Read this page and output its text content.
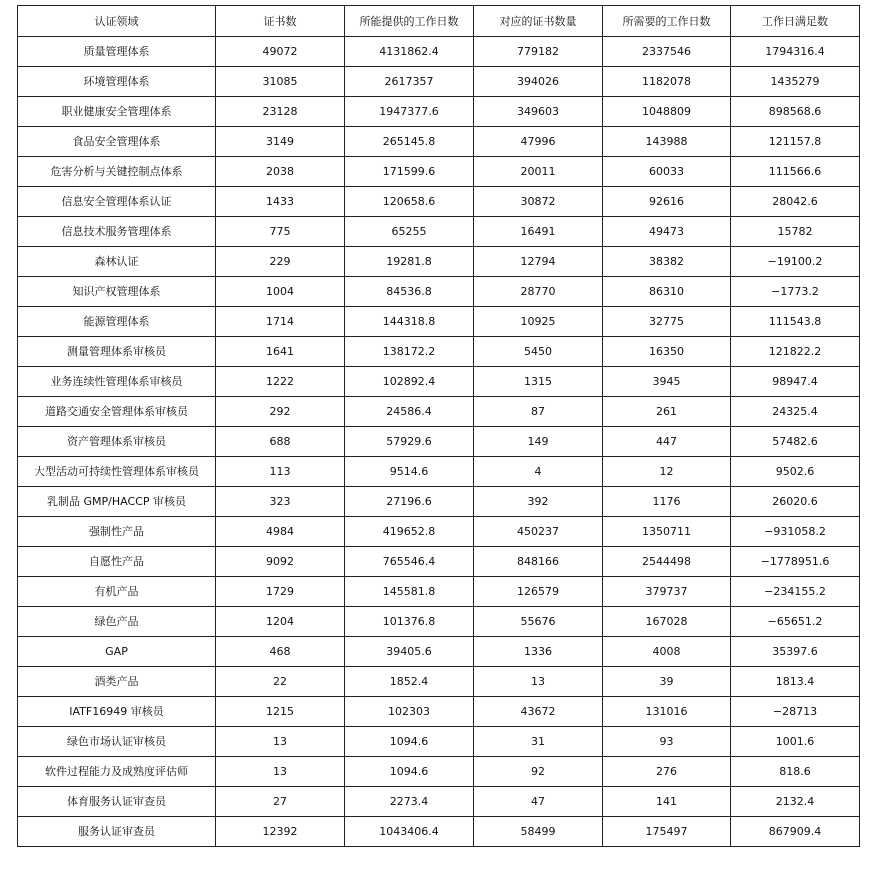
认证领域	证书数	所能提供的工作日数	对应的证书数量	所需要的工作日数	工作日满足数
质量管理体系	49072	4131862.4	779182	2337546	1794316.4
环境管理体系	31085	2617357	394026	1182078	1435279
职业健康安全管理体系	23128	1947377.6	349603	1048809	898568.6
食品安全管理体系	3149	265145.8	47996	143988	121157.8
危害分析与关键控制点体系	2038	171599.6	20011	60033	111566.6
信息安全管理体系认证	1433	120658.6	30872	92616	28042.6
信息技术服务管理体系	775	65255	16491	49473	15782
森林认证	229	19281.8	12794	38382	−19100.2
知识产权管理体系	1004	84536.8	28770	86310	−1773.2
能源管理体系	1714	144318.8	10925	32775	111543.8
测量管理体系审核员	1641	138172.2	5450	16350	121822.2
业务连续性管理体系审核员	1222	102892.4	1315	3945	98947.4
道路交通安全管理体系审核员	292	24586.4	87	261	24325.4
资产管理体系审核员	688	57929.6	149	447	57482.6
大型活动可持续性管理体系审核员	113	9514.6	4	12	9502.6
乳制品 GMP/HACCP 审核员	323	27196.6	392	1176	26020.6
强制性产品	4984	419652.8	450237	1350711	−931058.2
自愿性产品	9092	765546.4	848166	2544498	−1778951.6
有机产品	1729	145581.8	126579	379737	−234155.2
绿色产品	1204	101376.8	55676	167028	−65651.2
GAP	468	39405.6	1336	4008	35397.6
酒类产品	22	1852.4	13	39	1813.4
IATF16949 审核员	1215	102303	43672	131016	−28713
绿色市场认证审核员	13	1094.6	31	93	1001.6
软件过程能力及成熟度评估师	13	1094.6	92	276	818.6
体育服务认证审查员	27	2273.4	47	141	2132.4
服务认证审查员	12392	1043406.4	58499	175497	867909.4
